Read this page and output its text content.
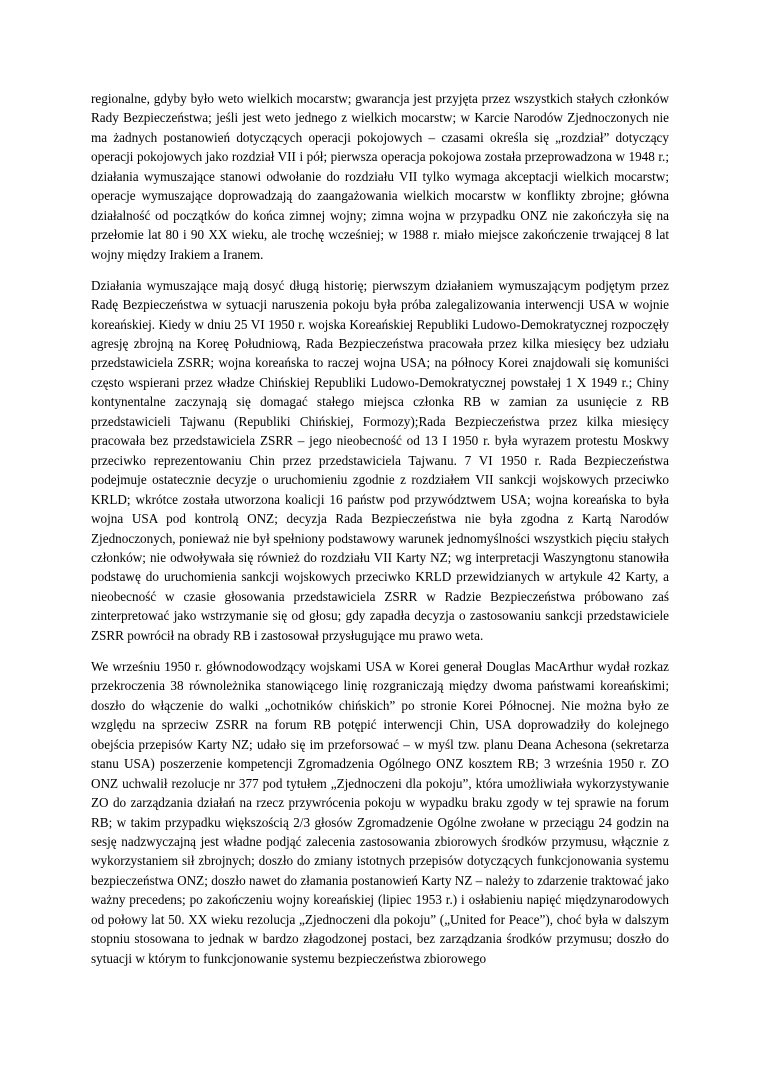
regionalne, gdyby było weto wielkich mocarstw; gwarancja jest przyjęta przez wszystkich stałych członków Rady Bezpieczeństwa; jeśli jest weto jednego z wielkich mocarstw; w Karcie Narodów Zjednoczonych nie ma żadnych postanowień dotyczących operacji pokojowych – czasami określa się „rozdział” dotyczący operacji pokojowych jako rozdział VII i pół; pierwsza operacja pokojowa została przeprowadzona w 1948 r.; działania wymuszające stanowi odwołanie do rozdziału VII tylko wymaga akceptacji wielkich mocarstw; operacje wymuszające doprowadzają do zaangażowania wielkich mocarstw w konflikty zbrojne; główna działalność od początków do końca zimnej wojny; zimna wojna w przypadku ONZ nie zakończyła się na przełomie lat 80 i 90 XX wieku, ale trochę wcześniej; w 1988 r. miało miejsce zakończenie trwającej 8 lat wojny między Irakiem a Iranem.

Działania wymuszające mają dosyć długą historię; pierwszym działaniem wymuszającym podjętym przez Radę Bezpieczeństwa w sytuacji naruszenia pokoju była próba zalegalizowania interwencji USA w wojnie koreańskiej. Kiedy w dniu 25 VI 1950 r. wojska Koreańskiej Republiki Ludowo-Demokratycznej rozpoczęły agresję zbrojną na Koreę Południową, Rada Bezpieczeństwa pracowała przez kilka miesięcy bez udziału przedstawiciela ZSRR; wojna koreańska to raczej wojna USA; na północy Korei znajdowali się komuniści często wspierani przez władze Chińskiej Republiki Ludowo-Demokratycznej powstałej 1 X 1949 r.; Chiny kontynentalne zaczynają się domagać stałego miejsca członka RB w zamian za usunięcie z RB przedstawicieli Tajwanu (Republiki Chińskiej, Formozy);Rada Bezpieczeństwa przez kilka miesięcy pracowała bez przedstawiciela ZSRR – jego nieobecność od 13 I 1950 r. była wyrazem protestu Moskwy przeciwko reprezentowaniu Chin przez przedstawiciela Tajwanu. 7 VI 1950 r. Rada Bezpieczeństwa podejmuje ostatecznie decyzje o uruchomieniu zgodnie z rozdziałem VII sankcji wojskowych przeciwko KRLD; wkrótce została utworzona koalicji 16 państw pod przywództwem USA; wojna koreańska to była wojna USA pod kontrolą ONZ; decyzja Rada Bezpieczeństwa nie była zgodna z Kartą Narodów Zjednoczonych, ponieważ nie był spełniony podstawowy warunek jednomyślności wszystkich pięciu stałych członków; nie odwoływała się również do rozdziału VII Karty NZ; wg interpretacji Waszyngtonu stanowiła podstawę do uruchomienia sankcji wojskowych przeciwko KRLD przewidzianych w artykule 42 Karty, a nieobecność w czasie głosowania przedstawiciela ZSRR w Radzie Bezpieczeństwa próbowano zaś zinterpretować jako wstrzymanie się od głosu; gdy zapadła decyzja o zastosowaniu sankcji przedstawiciele ZSRR powrócił na obrady RB i zastosował przysługujące mu prawo weta.

We wrześniu 1950 r. głównodowodzący wojskami USA w Korei generał Douglas MacArthur wydał rozkaz przekroczenia 38 równoleżnika stanowiącego linię rozgraniczają między dwoma państwami koreańskimi; doszło do włączenie do walki „ochotników chińskich” po stronie Korei Północnej. Nie można było ze względu na sprzeciw ZSRR na forum RB potępić interwencji Chin, USA doprowadziły do kolejnego obejścia przepisów Karty NZ; udało się im przeforsować – w myśl tzw. planu Deana Achesona (sekretarza stanu USA) poszerzenie kompetencji Zgromadzenia Ogólnego ONZ kosztem RB; 3 września 1950 r. ZO ONZ uchwalił rezolucje nr 377 pod tytułem „Zjednoczeni dla pokoju”, która umożliwiała wykorzystywanie ZO do zarządzania działań na rzecz przywrócenia pokoju w wypadku braku zgody w tej sprawie na forum RB; w takim przypadku większością 2/3 głosów Zgromadzenie Ogólne zwołane w przeciągu 24 godzin na sesję nadzwyczajną jest władne podjąć zalecenia zastosowania zbiorowych środków przymusu, włącznie z wykorzystaniem sił zbrojnych; doszło do zmiany istotnych przepisów dotyczących funkcjonowania systemu bezpieczeństwa ONZ; doszło nawet do złamania postanowień Karty NZ – należy to zdarzenie traktować jako ważny precedens; po zakończeniu wojny koreańskiej (lipiec 1953 r.) i osłabieniu napięć międzynarodowych od połowy lat 50. XX wieku rezolucja „Zjednoczeni dla pokoju” („United for Peace”), choć była w dalszym stopniu stosowana to jednak w bardzo złagodzonej postaci, bez zarządzania środków przymusu; doszło do sytuacji w którym to funkcjonowanie systemu bezpieczeństwa zbiorowego
